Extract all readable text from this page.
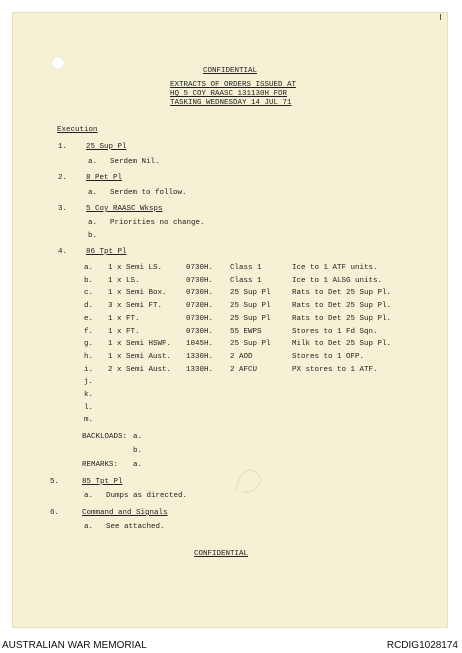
CONFIDENTIAL
EXTRACTS OF ORDERS ISSUED AT
HQ 5 COY RAASC 131130H FOR
TASKING WEDNESDAY 14 JUL 71
Execution
1.	25 Sup Pl
a. Serdem Nil.
2.	8 Pet Pl
a. Serdem to follow.
3.	5 Coy RAASC Wksps
a. Priorities no change.
b.
4.	86 Tpt Pl
a. 1 x Semi LS.	0730H. Class 1	Ice to 1 ATF units.
b. 1 x LS.	0730H. Class 1	Ice to 1 ALSG units.
c. 1 x Semi Box.	0730H. 25 Sup Pl	Rats to Det 25 Sup Pl.
d. 3 x Semi FT.	0730H. 25 Sup Pl	Rats to Det 25 Sup Pl.
e. 1 x FT.	0730H. 25 Sup Pl	Rats to Det 25 Sup Pl.
f. 1 x FT.	0730H. 55 EWPS	Stores to 1 Fd Sqn.
g. 1 x Semi HSWF. 1045H. 25 Sup Pl	Milk to Det 25 Sup Pl.
h. 1 x Semi Aust. 1330H. 2 AOD	Stores to 1 OFP.
i. 2 x Semi Aust. 1330H. 2 AFCU	PX stores to 1 ATF.
j.
k.
l.
m.
BACKLOADS: a.
b.
REMARKS: a.
5.	85 Tpt Pl
a. Dumps as directed.
6.	Command and Signals
a. See attached.
CONFIDENTIAL
AUSTRALIAN WAR MEMORIAL	RCDIG1028174
